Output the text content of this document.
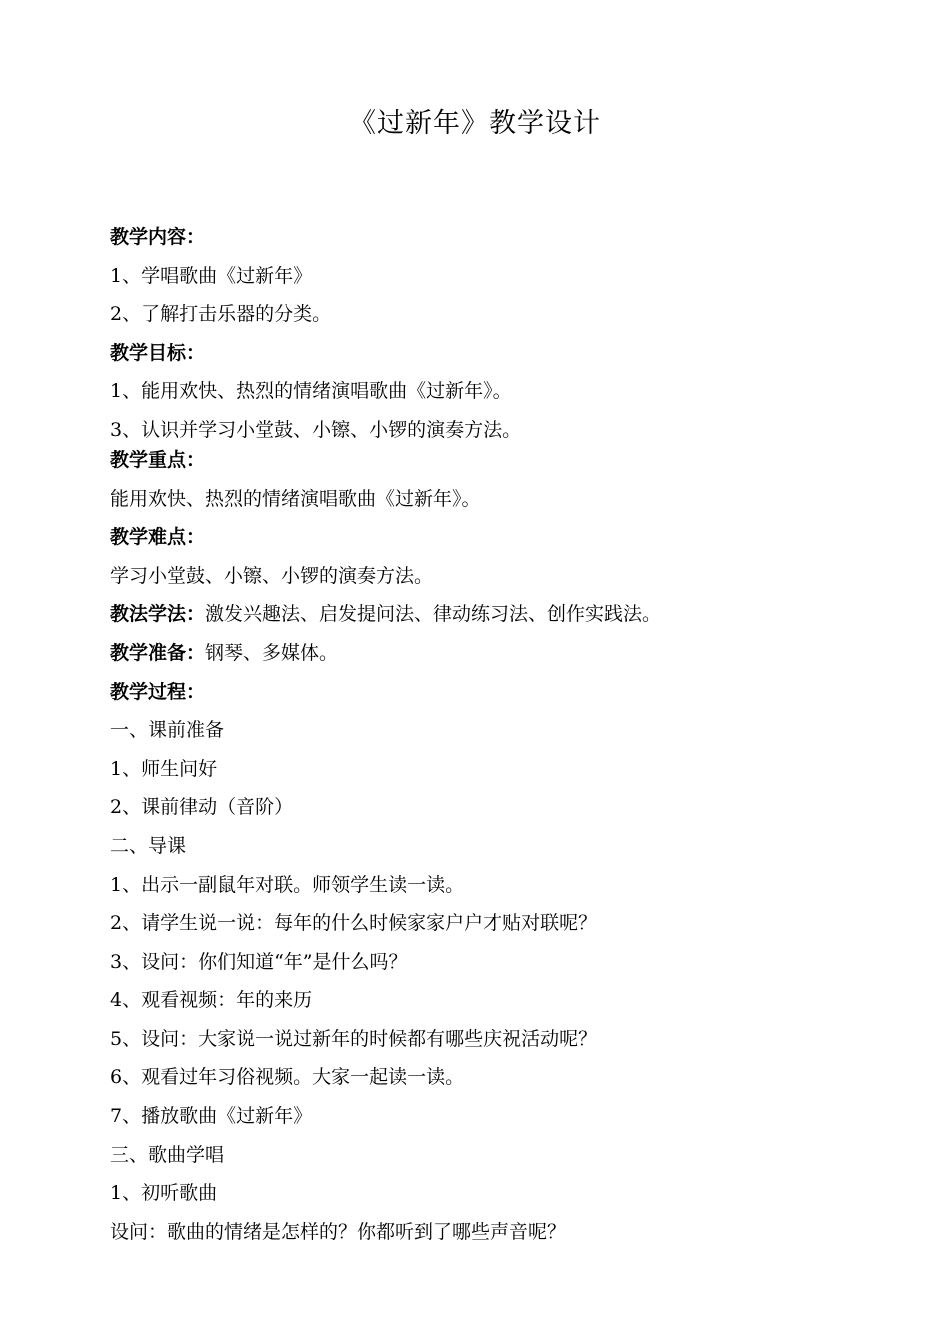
《过新年》教学设计
教学内容：
1、学唱歌曲《过新年》
2、了解打击乐器的分类。
教学目标：
1、能用欢快、热烈的情绪演唱歌曲《过新年》。
3、认识并学习小堂鼓、小镲、小锣的演奏方法。
教学重点：
能用欢快、热烈的情绪演唱歌曲《过新年》。
教学难点：
学习小堂鼓、小镲、小锣的演奏方法。
教法学法：激发兴趣法、启发提问法、律动练习法、创作实践法。
教学准备：钢琴、多媒体。
教学过程：
一、课前准备
1、师生问好
2、课前律动（音阶）
二、导课
1、出示一副鼠年对联。师领学生读一读。
2、请学生说一说：每年的什么时候家家户户才贴对联呢？
3、设问：你们知道“年”是什么吗？
4、观看视频：年的来历
5、设问：大家说一说过新年的时候都有哪些庆祝活动呢？
6、观看过年习俗视频。大家一起读一读。
7、播放歌曲《过新年》
三、歌曲学唱
1、初听歌曲
设问：歌曲的情绪是怎样的？你都听到了哪些声音呢？
